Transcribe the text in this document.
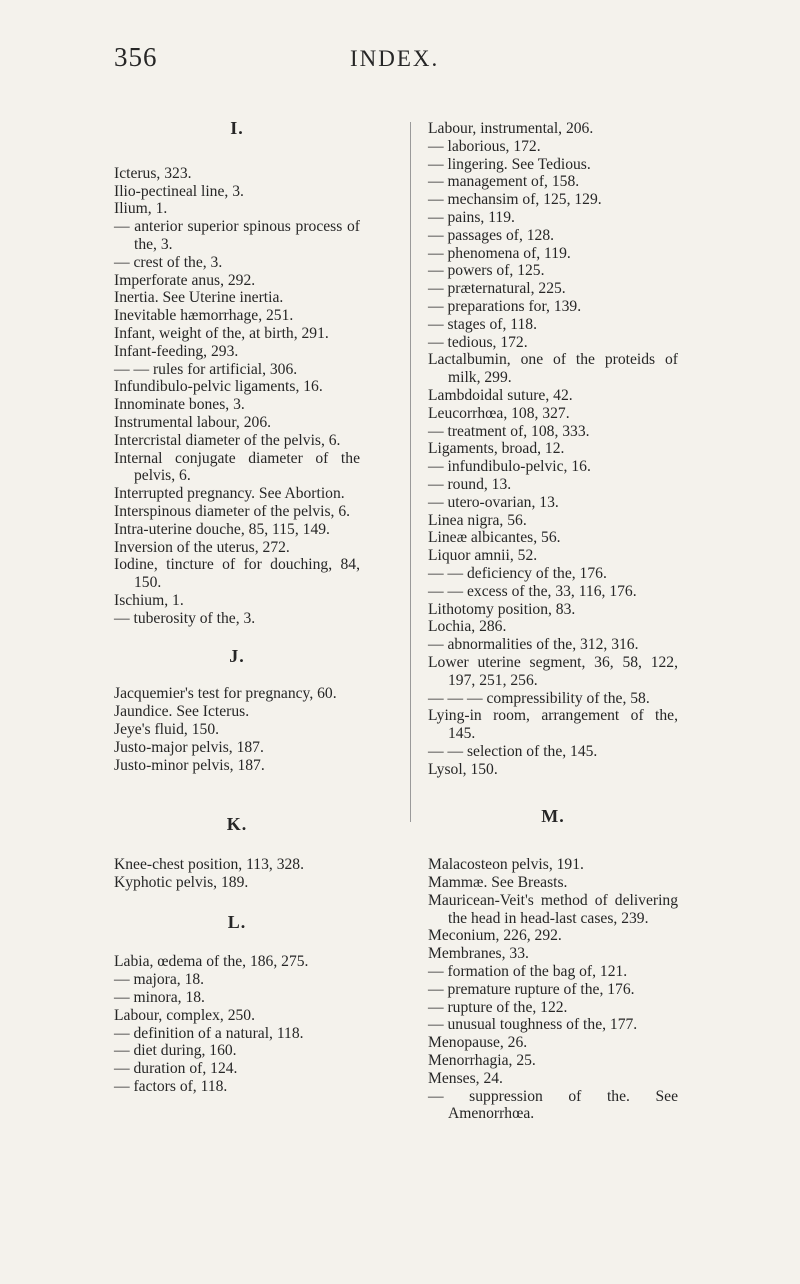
356	INDEX.
I.
Icterus, 323.
Ilio-pectineal line, 3.
Ilium, 1.
— anterior superior spinous process of the, 3.
— crest of the, 3.
Imperforate anus, 292.
Inertia. See Uterine inertia.
Inevitable hæmorrhage, 251.
Infant, weight of the, at birth, 291.
Infant-feeding, 293.
— — rules for artificial, 306.
Infundibulo-pelvic ligaments, 16.
Innominate bones, 3.
Instrumental labour, 206.
Intercristal diameter of the pelvis, 6.
Internal conjugate diameter of the pelvis, 6.
Interrupted pregnancy. See Abortion.
Interspinous diameter of the pelvis, 6.
Intra-uterine douche, 85, 115, 149.
Inversion of the uterus, 272.
Iodine, tincture of for douching, 84, 150.
Ischium, 1.
— tuberosity of the, 3.
J.
Jacquemier's test for pregnancy, 60.
Jaundice. See Icterus.
Jeye's fluid, 150.
Justo-major pelvis, 187.
Justo-minor pelvis, 187.
K.
Knee-chest position, 113, 328.
Kyphotic pelvis, 189.
L.
Labia, œdema of the, 186, 275.
— majora, 18.
— minora, 18.
Labour, complex, 250.
— definition of a natural, 118.
— diet during, 160.
— duration of, 124.
— factors of, 118.
Labour, instrumental, 206.
— laborious, 172.
— lingering. See Tedious.
— management of, 158.
— mechansim of, 125, 129.
— pains, 119.
— passages of, 128.
— phenomena of, 119.
— powers of, 125.
— præternatural, 225.
— preparations for, 139.
— stages of, 118.
— tedious, 172.
Lactalbumin, one of the proteids of milk, 299.
Lambdoidal suture, 42.
Leucorrhœa, 108, 327.
— treatment of, 108, 333.
Ligaments, broad, 12.
— infundibulo-pelvic, 16.
— round, 13.
— utero-ovarian, 13.
Linea nigra, 56.
Lineæ albicantes, 56.
Liquor amnii, 52.
— — deficiency of the, 176.
— — excess of the, 33, 116, 176.
Lithotomy position, 83.
Lochia, 286.
— abnormalities of the, 312, 316.
Lower uterine segment, 36, 58, 122, 197, 251, 256.
— — — compressibility of the, 58.
Lying-in room, arrangement of the, 145.
— — selection of the, 145.
Lysol, 150.
M.
Malacosteon pelvis, 191.
Mammæ. See Breasts.
Mauricean-Veit's method of delivering the head in head-last cases, 239.
Meconium, 226, 292.
Membranes, 33.
— formation of the bag of, 121.
— premature rupture of the, 176.
— rupture of the, 122.
— unusual toughness of the, 177.
Menopause, 26.
Menorrhagia, 25.
Menses, 24.
— suppression of the. See Amenorrhœa.
